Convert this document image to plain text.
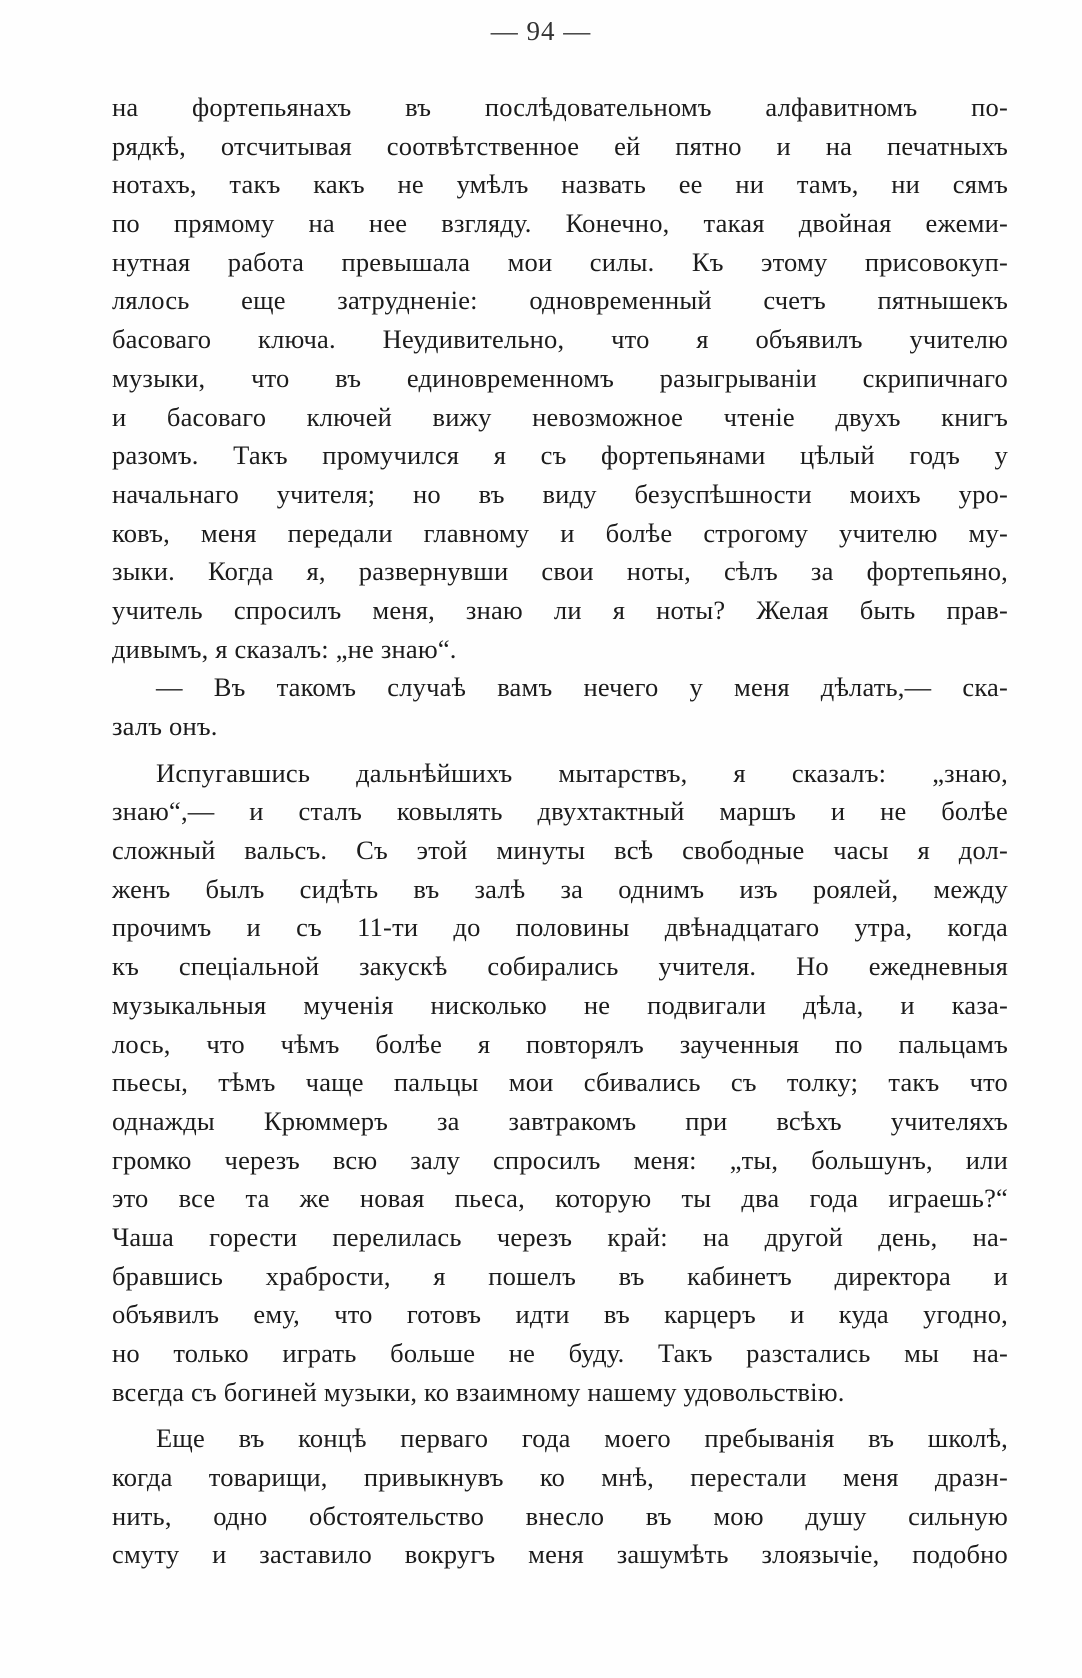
— 94 —
на фортепьянахъ въ послѣдовательномъ алфавитномъ по-
рядкѣ, отсчитывая соотвѣтственное ей пятно и на печатныхъ
нотахъ, такъ какъ не умѣлъ назвать ее ни тамъ, ни сямъ
по прямому на нее взгляду. Конечно, такая двойная ежеми-
нутная работа превышала мои силы. Къ этому присовокуп-
лялось еще затрудненіе: одновременный счетъ пятнышекъ
басоваго ключа. Неудивительно, что я объявилъ учителю
музыки, что въ единовременномъ разыгрываніи скрипичнаго
и басоваго ключей вижу невозможное чтеніе двухъ книгъ
разомъ. Такъ промучился я съ фортепьянами цѣлый годъ у
начальнаго учителя; но въ виду безуспѣшности моихъ уро-
ковъ, меня передали главному и болѣе строгому учителю му-
зыки. Когда я, развернувши свои ноты, сѣлъ за фортепьяно,
учитель спросилъ меня, знаю ли я ноты? Желая быть прав-
дивымъ, я сказалъ: „не знаю“.
— Въ такомъ случаѣ вамъ нечего у меня дѣлать,— ска-
залъ онъ.
Испугавшись дальнѣйшихъ мытарствъ, я сказалъ: „знаю,
знаю“,— и сталъ ковылять двухтактный маршъ и не болѣе
сложный вальсъ. Съ этой минуты всѣ свободные часы я дол-
женъ былъ сидѣть въ залѣ за однимъ изъ роялей, между
прочимъ и съ 11-ти до половины двѣнадцатаго утра, когда
къ спеціальной закускѣ собирались учителя. Но ежедневныя
музыкальныя мученія нисколько не подвигали дѣла, и каза-
лось, что чѣмъ болѣе я повторялъ заученныя по пальцамъ
пьесы, тѣмъ чаще пальцы мои сбивались съ толку; такъ что
однажды Крюммеръ за завтракомъ при всѣхъ учителяхъ
громко черезъ всю залу спросилъ меня: „ты, большунъ, или
это все та же новая пьеса, которую ты два года играешь?“
Чаша горести перелилась черезъ край: на другой день, на-
бравшись храбрости, я пошелъ въ кабинетъ директора и
объявилъ ему, что готовъ идти въ карцеръ и куда угодно,
но только играть больше не буду. Такъ разстались мы на-
всегда съ богиней музыки, ко взаимному нашему удовольствію.
Еще въ концѣ перваго года моего пребыванія въ школѣ,
когда товарищи, привыкнувъ ко мнѣ, перестали меня дразн-
нить, одно обстоятельство внесло въ мою душу сильную
смуту и заставило вокругъ меня зашумѣть злоязычіе, подобно
